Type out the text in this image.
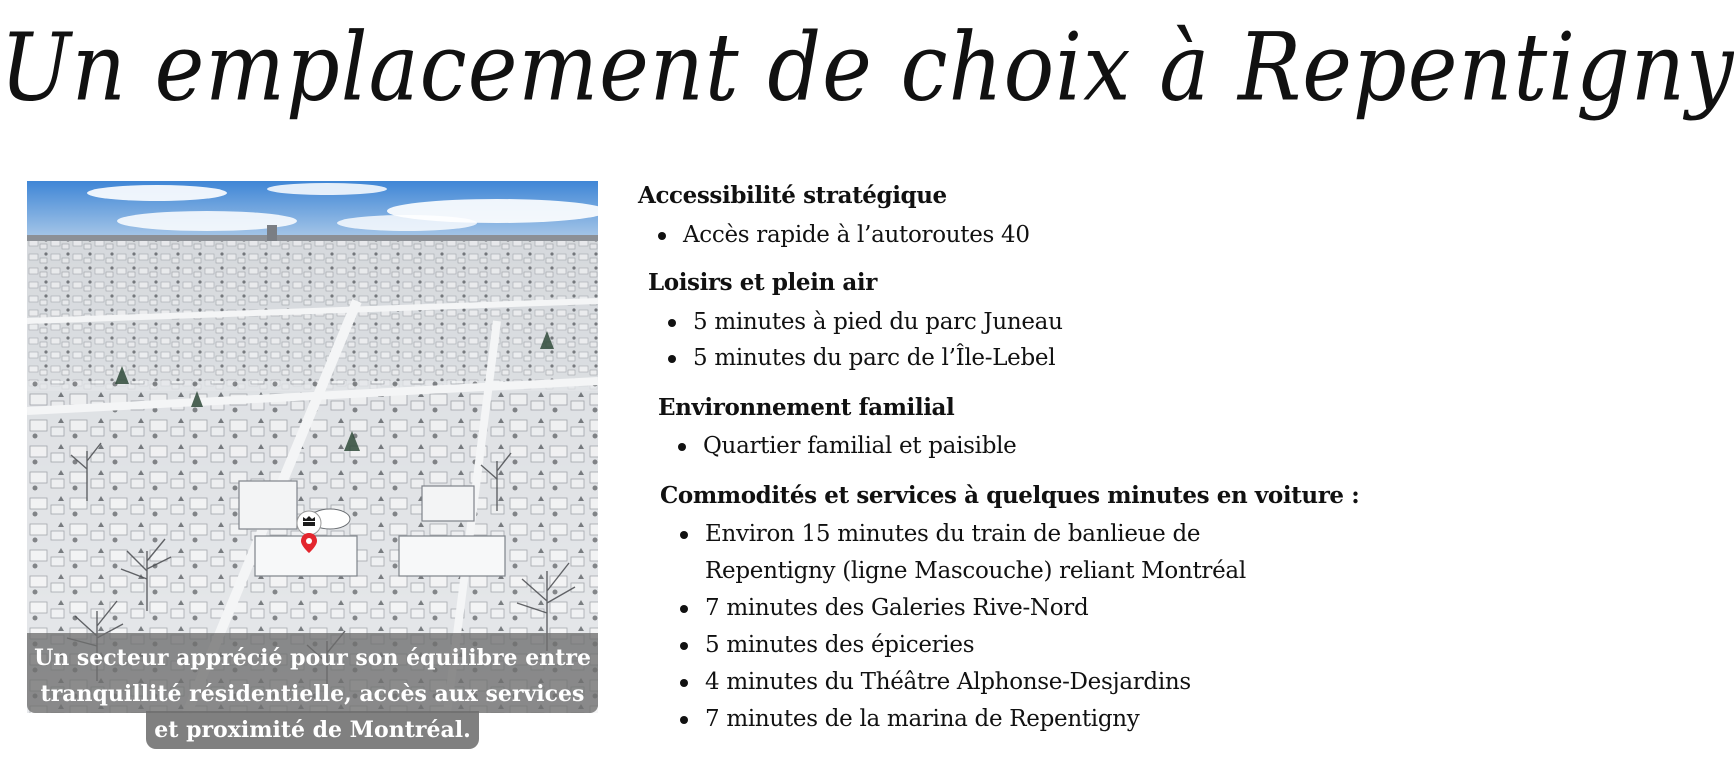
Un emplacement de choix à Repentigny
Un secteur apprécié pour son équilibre entre
tranquillité résidentielle, accès aux services
et proximité de Montréal.
Accessibilité stratégique
Accès rapide à l’autoroutes 40
Loisirs et plein air
5 minutes à pied du parc Juneau
5 minutes du parc de l’Île-Lebel
Environnement familial
Quartier familial et paisible
Commodités et services à quelques minutes en voiture :
Environ 15 minutes du train de banlieue de
Repentigny (ligne Mascouche) reliant Montréal
7 minutes des Galeries Rive-Nord
5 minutes des épiceries
4 minutes du Théâtre Alphonse-Desjardins
7 minutes de la marina de Repentigny
